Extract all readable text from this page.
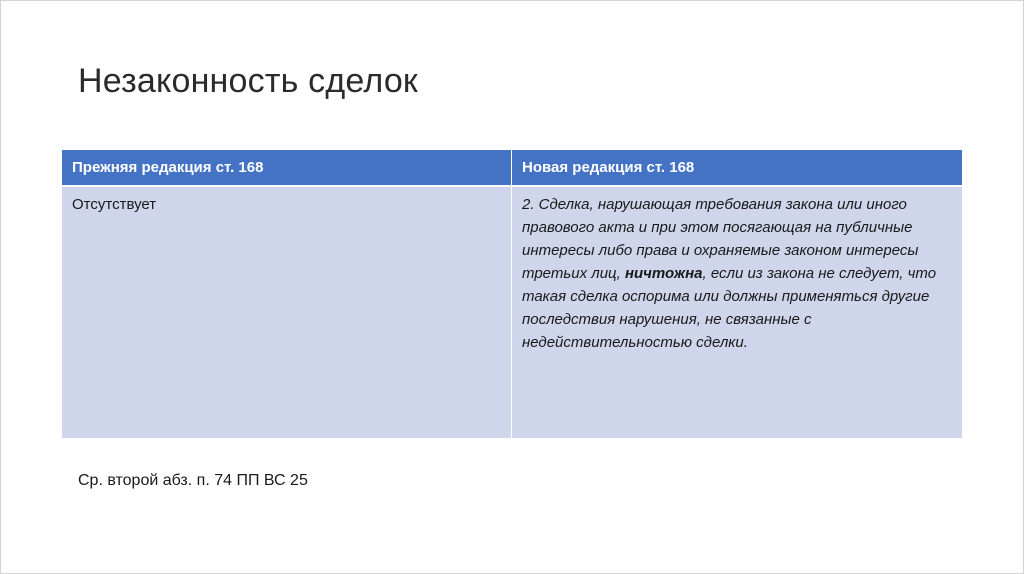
Незаконность сделок
Прежняя редакция ст. 168	Новая редакция ст. 168
Отсутствует	2. Сделка, нарушающая требования закона или иного правового акта и при этом посягающая на публичные интересы либо права и охраняемые законом интересы третьих лиц, ничтожна, если из закона не следует, что такая сделка оспорима или должны применяться другие последствия нарушения, не связанные с недействительностью сделки.
Ср. второй абз. п. 74 ПП ВС 25
